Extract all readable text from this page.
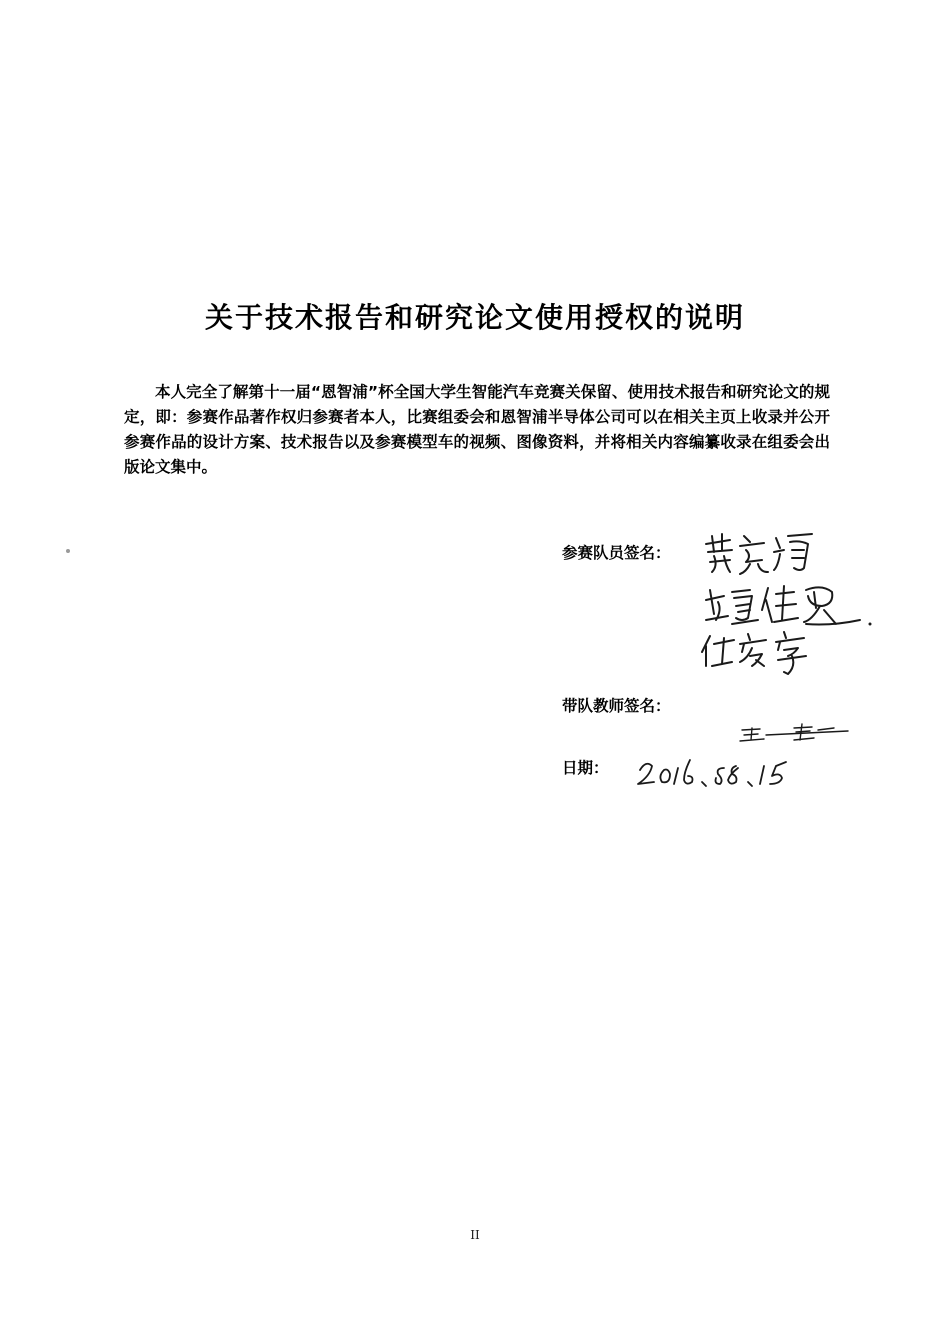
关于技术报告和研究论文使用授权的说明
本人完全了解第十一届“恩智浦”杯全国大学生智能汽车竞赛关保留、使用技术报告和研究论文的规定，即：参赛作品著作权归参赛者本人，比赛组委会和恩智浦半导体公司可以在相关主页上收录并公开参赛作品的设计方案、技术报告以及参赛模型车的视频、图像资料，并将相关内容编纂收录在组委会出版论文集中。
参赛队员签名：
带队教师签名：
日期：
II
